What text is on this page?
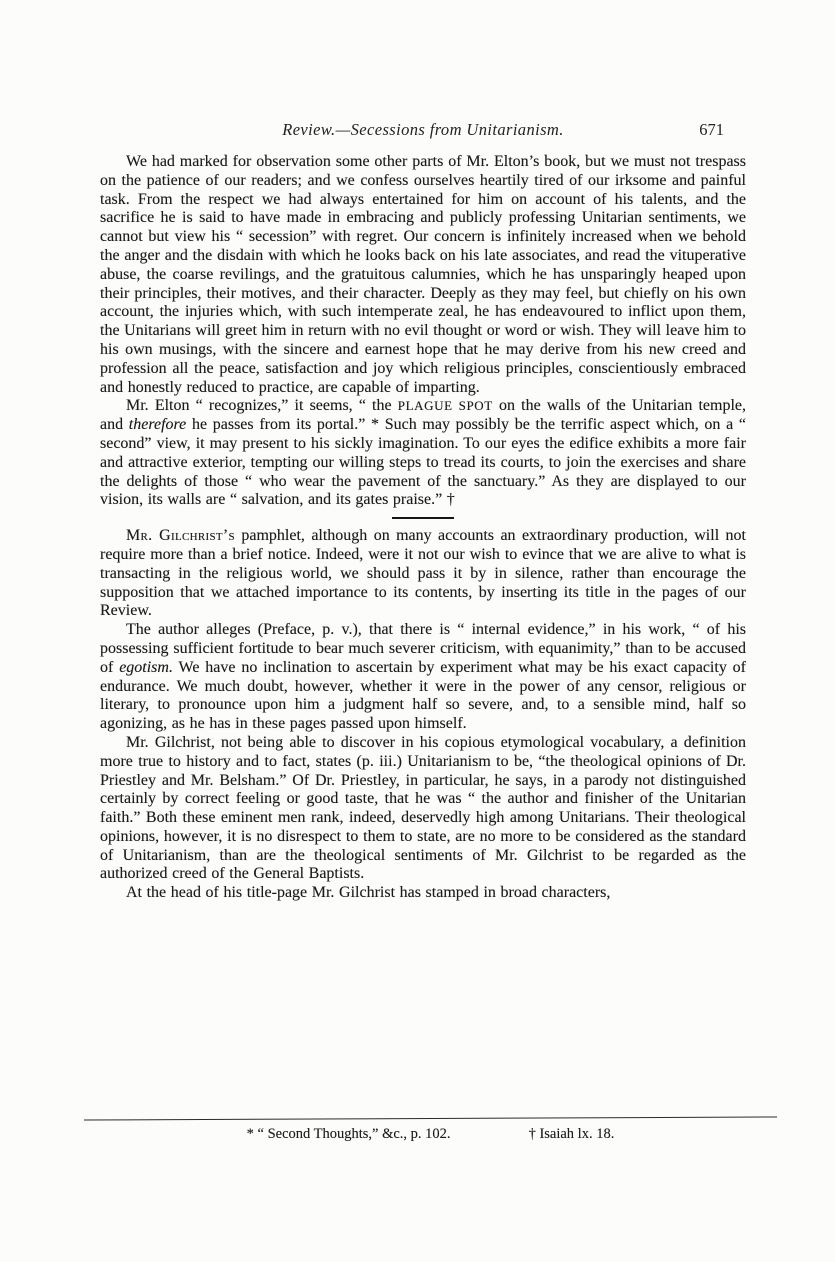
Review.—Secessions from Unitarianism.	671

We had marked for observation some other parts of Mr. Elton’s book, but we must not trespass on the patience of our readers; and we confess ourselves heartily tired of our irksome and painful task. From the respect we had always entertained for him on account of his talents, and the sacrifice he is said to have made in embracing and publicly professing Unitarian sentiments, we cannot but view his “ secession” with regret. Our concern is infinitely increased when we behold the anger and the disdain with which he looks back on his late associates, and read the vituperative abuse, the coarse revilings, and the gratuitous calumnies, which he has unsparingly heaped upon their principles, their motives, and their character. Deeply as they may feel, but chiefly on his own account, the injuries which, with such intemperate zeal, he has endeavoured to inflict upon them, the Unitarians will greet him in return with no evil thought or word or wish. They will leave him to his own musings, with the sincere and earnest hope that he may derive from his new creed and profession all the peace, satisfaction and joy which religious principles, conscientiously embraced and honestly reduced to practice, are capable of imparting.

Mr. Elton “ recognizes,” it seems, “ the PLAGUE SPOT on the walls of the Unitarian temple, and therefore he passes from its portal.” * Such may possibly be the terrific aspect which, on a “ second” view, it may present to his sickly imagination. To our eyes the edifice exhibits a more fair and attractive exterior, tempting our willing steps to tread its courts, to join the exercises and share the delights of those “ who wear the pavement of the sanctuary.” As they are displayed to our vision, its walls are “ salvation, and its gates praise.” †

Mr. Gilchrist’s pamphlet, although on many accounts an extraordinary production, will not require more than a brief notice. Indeed, were it not our wish to evince that we are alive to what is transacting in the religious world, we should pass it by in silence, rather than encourage the supposition that we attached importance to its contents, by inserting its title in the pages of our Review.

The author alleges (Preface, p. v.), that there is “ internal evidence,” in his work, “ of his possessing sufficient fortitude to bear much severer criticism, with equanimity,” than to be accused of egotism. We have no inclination to ascertain by experiment what may be his exact capacity of endurance. We much doubt, however, whether it were in the power of any censor, religious or literary, to pronounce upon him a judgment half so severe, and, to a sensible mind, half so agonizing, as he has in these pages passed upon himself.

Mr. Gilchrist, not being able to discover in his copious etymological vocabulary, a definition more true to history and to fact, states (p. iii.) Unitarianism to be, “the theological opinions of Dr. Priestley and Mr. Belsham.” Of Dr. Priestley, in particular, he says, in a parody not distinguished certainly by correct feeling or good taste, that he was “ the author and finisher of the Unitarian faith.” Both these eminent men rank, indeed, deservedly high among Unitarians. Their theological opinions, however, it is no disrespect to them to state, are no more to be considered as the standard of Unitarianism, than are the theological sentiments of Mr. Gilchrist to be regarded as the authorized creed of the General Baptists.

At the head of his title-page Mr. Gilchrist has stamped in broad characters,

* “ Second Thoughts,” &c., p. 102.	† Isaiah lx. 18.
